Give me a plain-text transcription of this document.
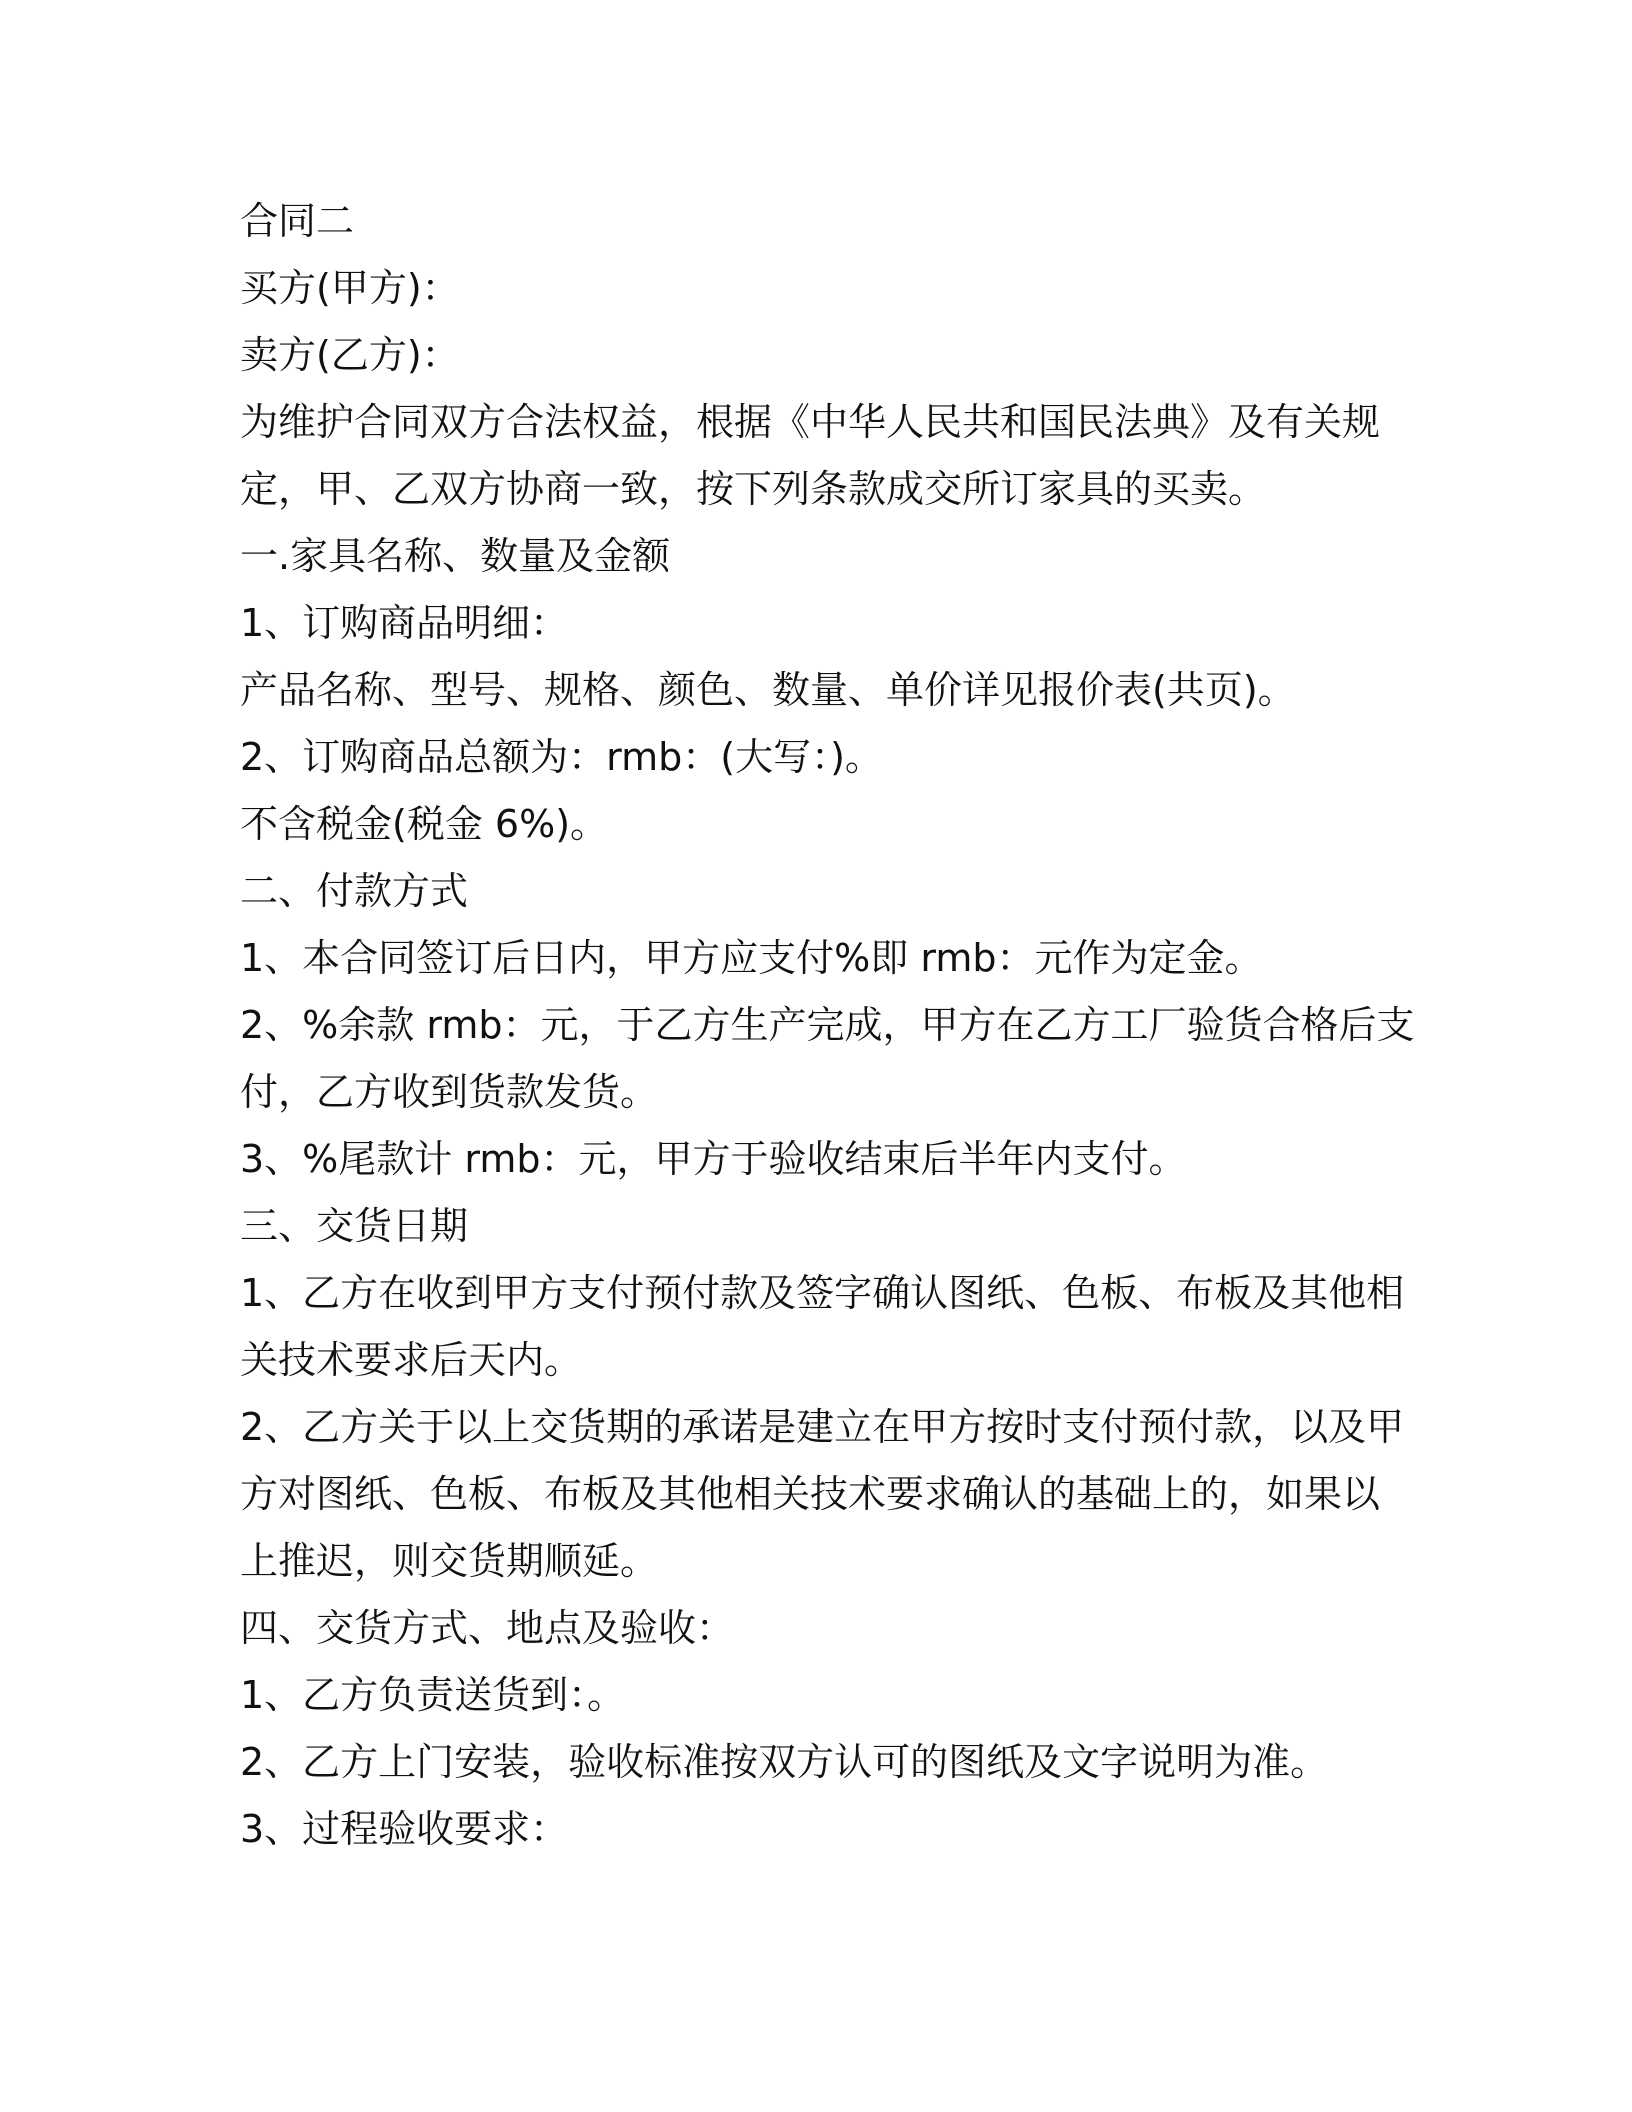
合同二
买方(甲方)：
卖方(乙方)：
为维护合同双方合法权益，根据《中华人民共和国民法典》及有关规
定，甲、乙双方协商一致，按下列条款成交所订家具的买卖。
一.家具名称、数量及金额
1、订购商品明细：
产品名称、型号、规格、颜色、数量、单价详见报价表(共页)。
2、订购商品总额为：rmb：(大写：)。
不含税金(税金 6%)。
二、付款方式
1、本合同签订后日内，甲方应支付%即 rmb：元作为定金。
2、%余款 rmb：元，于乙方生产完成，甲方在乙方工厂验货合格后支
付，乙方收到货款发货。
3、%尾款计 rmb：元，甲方于验收结束后半年内支付。
三、交货日期
1、乙方在收到甲方支付预付款及签字确认图纸、色板、布板及其他相
关技术要求后天内。
2、乙方关于以上交货期的承诺是建立在甲方按时支付预付款，以及甲
方对图纸、色板、布板及其他相关技术要求确认的基础上的，如果以
上推迟，则交货期顺延。
四、交货方式、地点及验收：
1、乙方负责送货到：。
2、乙方上门安装，验收标准按双方认可的图纸及文字说明为准。
3、过程验收要求：
